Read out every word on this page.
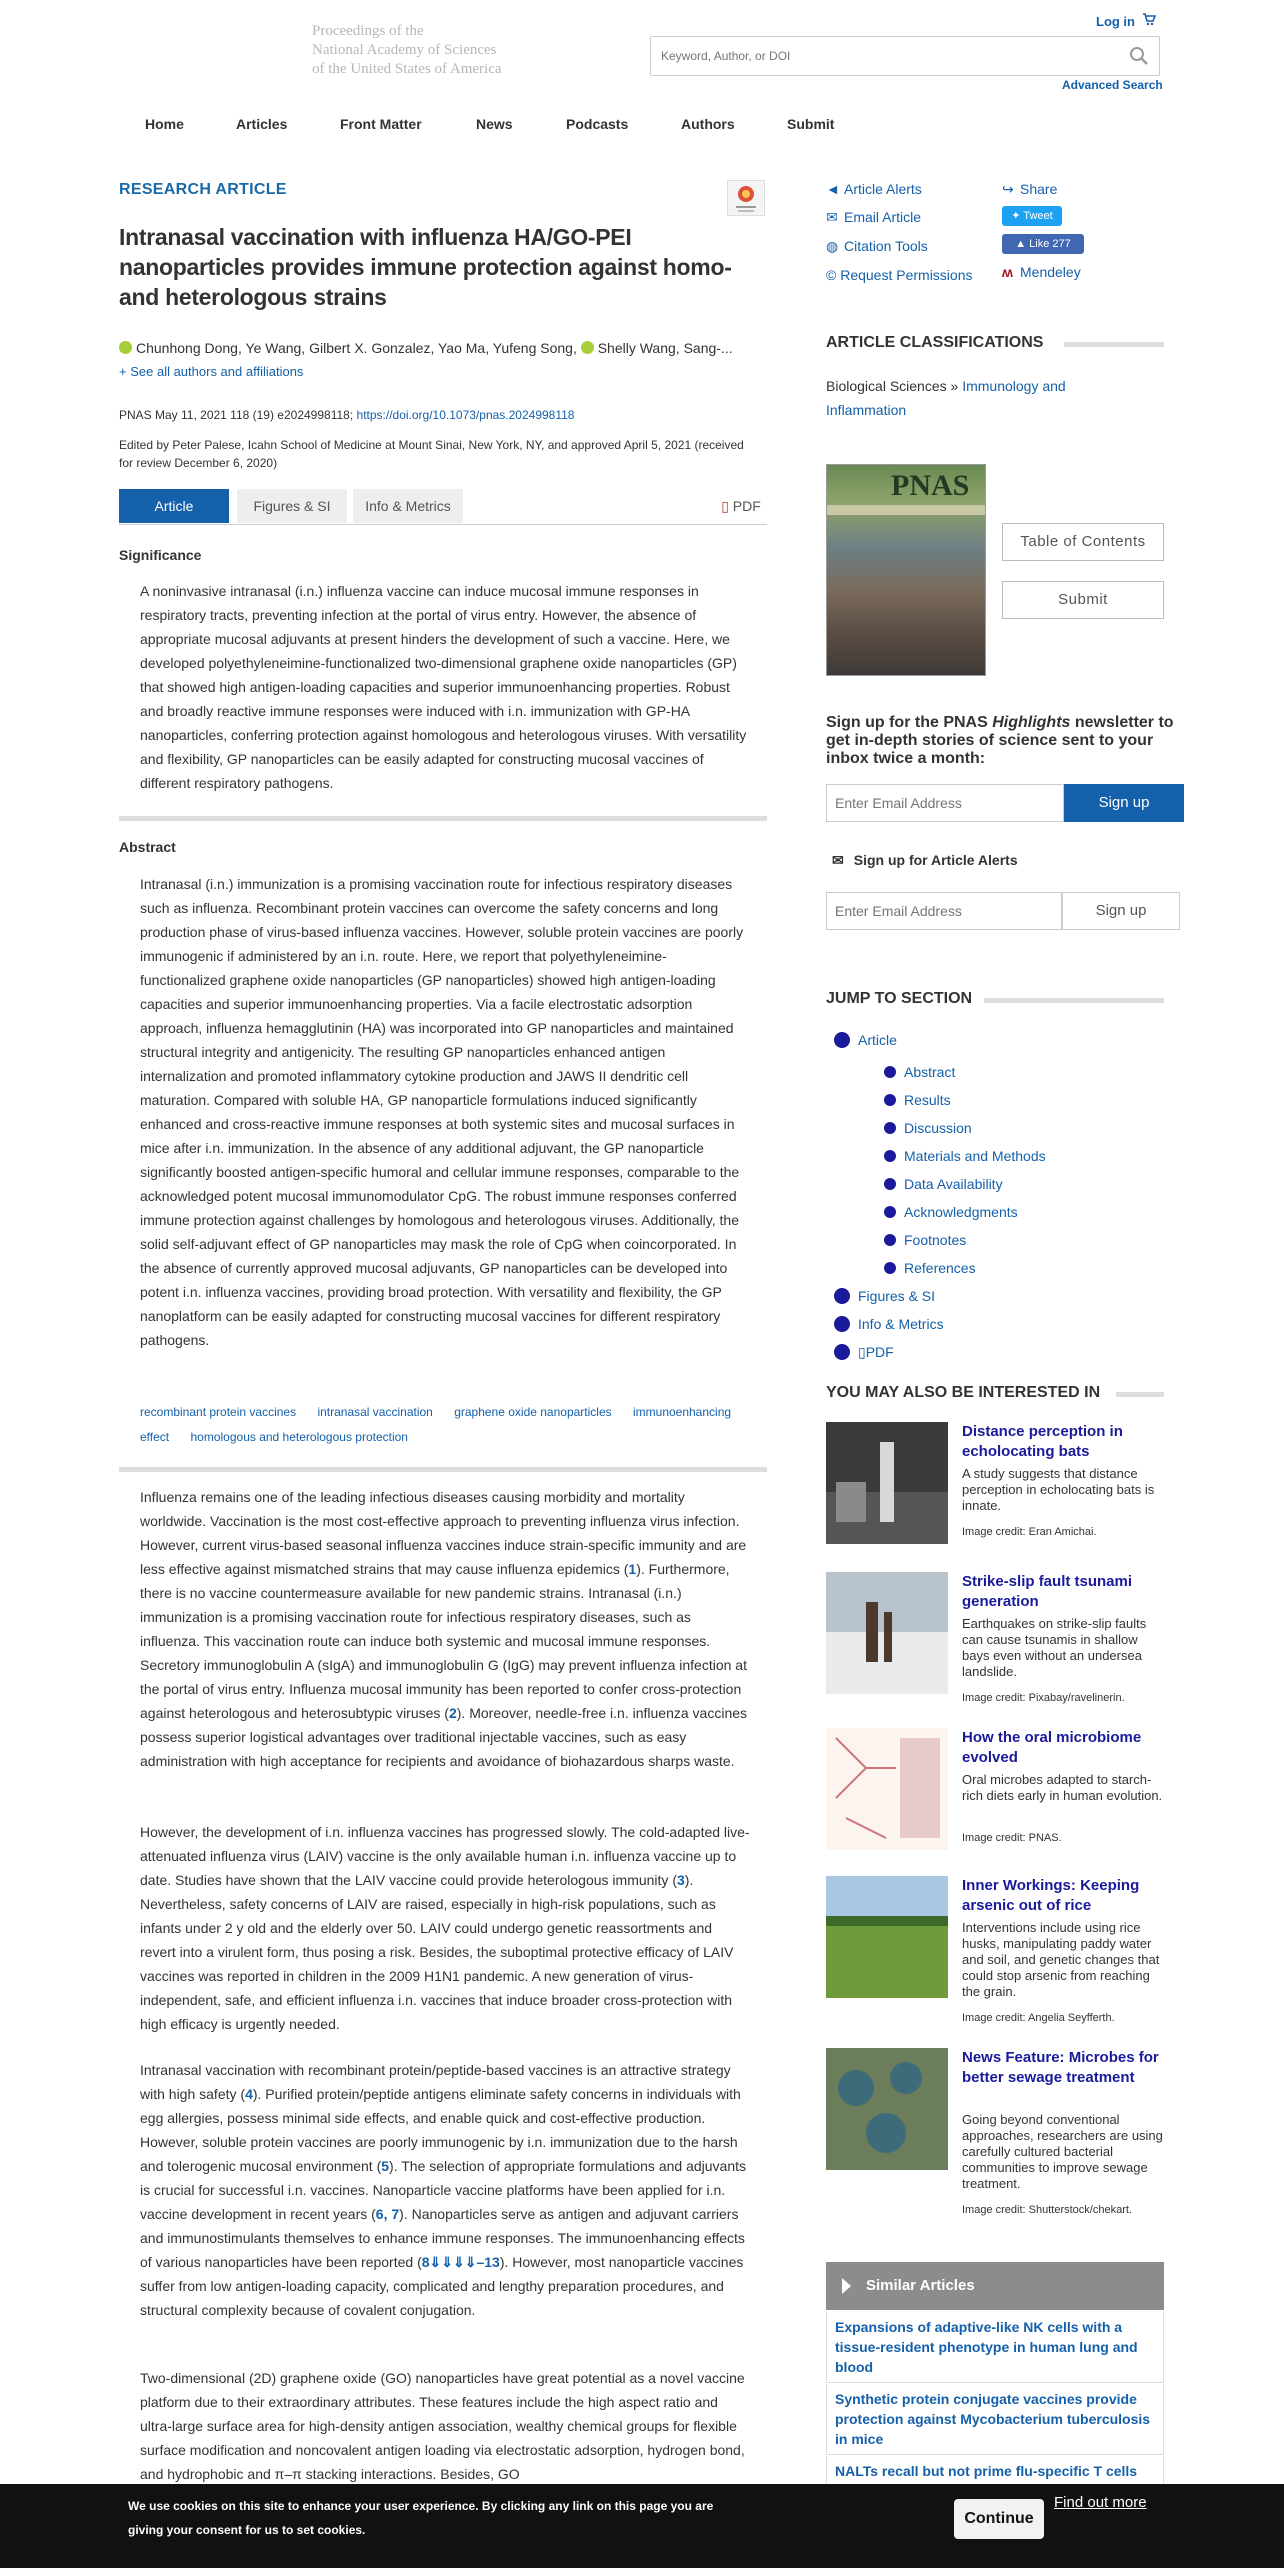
Proceedings of the
National Academy of Sciences
of the United States of America
Log in
Keyword, Author, or DOI
Advanced Search
Home	Articles	Front Matter	News	Podcasts	Authors	Submit
RESEARCH ARTICLE
Intranasal vaccination with influenza HA/GO-PEI nanoparticles provides immune protection against homo- and heterologous strains
Chunhong Dong, Ye Wang, Gilbert X. Gonzalez, Yao Ma, Yufeng Song, Shelly Wang, Sang-...
+ See all authors and affiliations
PNAS May 11, 2021 118 (19) e2024998118; https://doi.org/10.1073/pnas.2024998118
Edited by Peter Palese, Icahn School of Medicine at Mount Sinai, New York, NY, and approved April 5, 2021 (received for review December 6, 2020)
Article	Figures & SI	Info & Metrics	▯ PDF
Significance

A noninvasive intranasal (i.n.) influenza vaccine can induce mucosal immune responses in respiratory tracts, preventing infection at the portal of virus entry. However, the absence of appropriate mucosal adjuvants at present hinders the development of such a vaccine. Here, we developed polyethyleneimine-functionalized two-dimensional graphene oxide nanoparticles (GP) that showed high antigen-loading capacities and superior immunoenhancing properties. Robust and broadly reactive immune responses were induced with i.n. immunization with GP-HA nanoparticles, conferring protection against homologous and heterologous viruses. With versatility and flexibility, GP nanoparticles can be easily adapted for constructing mucosal vaccines of different respiratory pathogens.

Abstract

Intranasal (i.n.) immunization is a promising vaccination route for infectious respiratory diseases such as influenza. Recombinant protein vaccines can overcome the safety concerns and long production phase of virus-based influenza vaccines. However, soluble protein vaccines are poorly immunogenic if administered by an i.n. route. Here, we report that polyethyleneimine-functionalized graphene oxide nanoparticles (GP nanoparticles) showed high antigen-loading capacities and superior immunoenhancing properties. Via a facile electrostatic adsorption approach, influenza hemagglutinin (HA) was incorporated into GP nanoparticles and maintained structural integrity and antigenicity. The resulting GP nanoparticles enhanced antigen internalization and promoted inflammatory cytokine production and JAWS II dendritic cell maturation. Compared with soluble HA, GP nanoparticle formulations induced significantly enhanced and cross-reactive immune responses at both systemic sites and mucosal surfaces in mice after i.n. immunization. In the absence of any additional adjuvant, the GP nanoparticle significantly boosted antigen-specific humoral and cellular immune responses, comparable to the acknowledged potent mucosal immunomodulator CpG. The robust immune responses conferred immune protection against challenges by homologous and heterologous viruses. Additionally, the solid self-adjuvant effect of GP nanoparticles may mask the role of CpG when coincorporated. In the absence of currently approved mucosal adjuvants, GP nanoparticles can be developed into potent i.n. influenza vaccines, providing broad protection. With versatility and flexibility, the GP nanoplatform can be easily adapted for constructing mucosal vaccines for different respiratory pathogens.

recombinant protein vaccines intranasal vaccination graphene oxide nanoparticles immunoenhancing effect homologous and heterologous protection

Influenza remains one of the leading infectious diseases causing morbidity and mortality worldwide. Vaccination is the most cost-effective approach to preventing influenza virus infection. However, current virus-based seasonal influenza vaccines induce strain-specific immunity and are less effective against mismatched strains that may cause influenza epidemics (1). Furthermore, there is no vaccine countermeasure available for new pandemic strains. Intranasal (i.n.) immunization is a promising vaccination route for infectious respiratory diseases, such as influenza. This vaccination route can induce both systemic and mucosal immune responses. Secretory immunoglobulin A (sIgA) and immunoglobulin G (IgG) may prevent influenza infection at the portal of virus entry. Influenza mucosal immunity has been reported to confer cross-protection against heterologous and heterosubtypic viruses (2). Moreover, needle-free i.n. influenza vaccines possess superior logistical advantages over traditional injectable vaccines, such as easy administration with high acceptance for recipients and avoidance of biohazardous sharps waste.

However, the development of i.n. influenza vaccines has progressed slowly. The cold-adapted live-attenuated influenza virus (LAIV) vaccine is the only available human i.n. influenza vaccine up to date. Studies have shown that the LAIV vaccine could provide heterologous immunity (3). Nevertheless, safety concerns of LAIV are raised, especially in high-risk populations, such as infants under 2 y old and the elderly over 50. LAIV could undergo genetic reassortments and revert into a virulent form, thus posing a risk. Besides, the suboptimal protective efficacy of LAIV vaccines was reported in children in the 2009 H1N1 pandemic. A new generation of virus-independent, safe, and efficient influenza i.n. vaccines that induce broader cross-protection with high efficacy is urgently needed.

Intranasal vaccination with recombinant protein/peptide-based vaccines is an attractive strategy with high safety (4). Purified protein/peptide antigens eliminate safety concerns in individuals with egg allergies, possess minimal side effects, and enable quick and cost-effective production. However, soluble protein vaccines are poorly immunogenic by i.n. immunization due to the harsh and tolerogenic mucosal environment (5). The selection of appropriate formulations and adjuvants is crucial for successful i.n. vaccines. Nanoparticle vaccine platforms have been applied for i.n. vaccine development in recent years (6, 7). Nanoparticles serve as antigen and adjuvant carriers and immunostimulants themselves to enhance immune responses. The immunoenhancing effects of various nanoparticles have been reported (8⇓⇓⇓⇓–13). However, most nanoparticle vaccines suffer from low antigen-loading capacity, complicated and lengthy preparation procedures, and structural complexity because of covalent conjugation.

Two-dimensional (2D) graphene oxide (GO) nanoparticles have great potential as a novel vaccine platform due to their extraordinary attributes. These features include the high aspect ratio and ultra-large surface area for high-density antigen association, wealthy chemical groups for flexible surface modification and noncovalent antigen loading via electrostatic adsorption, hydrogen bond, and hydrophobic and π–π stacking interactions. Besides, GO

◄ Article Alerts	↪ Share
✉ Email Article	✦ Tweet
◍ Citation Tools	▲ Like 277
© Request Permissions ʍ Mendeley
ARTICLE CLASSIFICATIONS
Biological Sciences » Immunology and Inflammation
PNAS
Table of Contents
Submit
Sign up for the PNAS Highlights newsletter to get in-depth stories of science sent to your inbox twice a month:
Enter Email Address
Sign up
✉ Sign up for Article Alerts
Enter Email Address
Sign up
JUMP TO SECTION
Article
Abstract
Results
Discussion
Materials and Methods
Data Availability
Acknowledgments
Footnotes
References
Figures & SI
Info & Metrics
▯PDF
YOU MAY ALSO BE INTERESTED IN
Distance perception in echolocating bats
A study suggests that distance perception in echolocating bats is innate.
Image credit: Eran Amichai.
Strike-slip fault tsunami generation
Earthquakes on strike-slip faults can cause tsunamis in shallow bays even without an undersea landslide.
Image credit: Pixabay/ravelinerin.
How the oral microbiome evolved
Oral microbes adapted to starch-rich diets early in human evolution.
Image credit: PNAS.
Inner Workings: Keeping arsenic out of rice
Interventions include using rice husks, manipulating paddy water and soil, and genetic changes that could stop arsenic from reaching the grain.
Image credit: Angelia Seyfferth.
News Feature: Microbes for better sewage treatment
Going beyond conventional approaches, researchers are using carefully cultured bacterial communities to improve sewage treatment.
Image credit: Shutterstock/chekart.
Similar Articles
Expansions of adaptive-like NK cells with a tissue-resident phenotype in human lung and blood
Synthetic protein conjugate vaccines provide protection against Mycobacterium tuberculosis in mice
NALTs recall but not prime flu-specific T cells
We use cookies on this site to enhance your user experience. By clicking any link on this page you are giving your consent for us to set cookies.
Continue
Find out more
